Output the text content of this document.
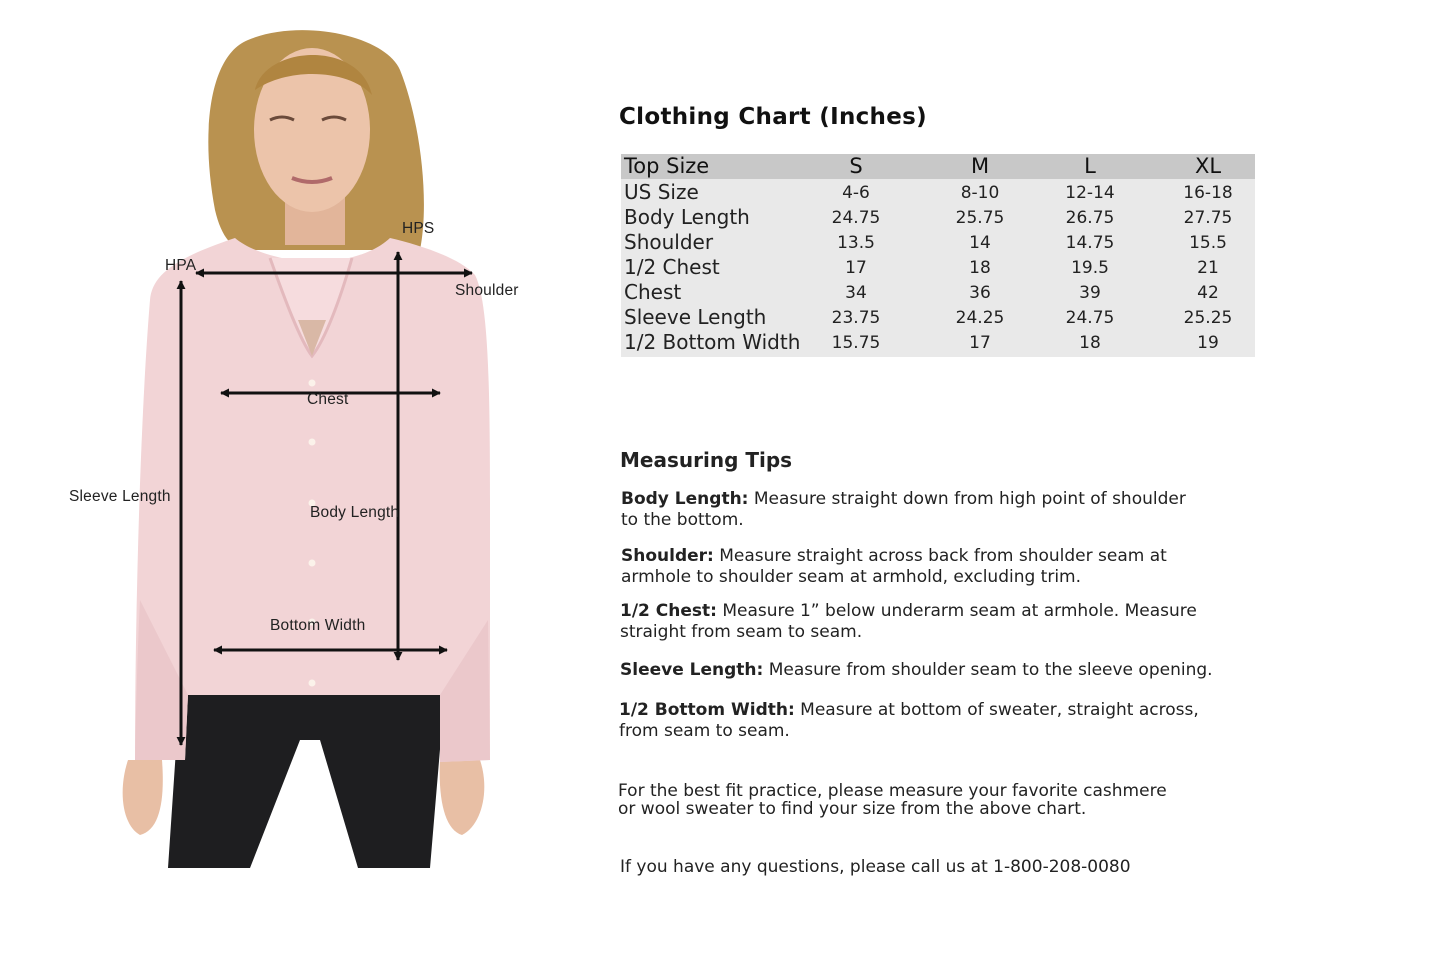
HPS
HPA
Shoulder
Chest
Sleeve Length
Body Length
Bottom Width
Clothing Chart (Inches)
Top Size	S	M	L	XL
US Size	4-6	8-10	12-14	16-18
Body Length	24.75	25.75	26.75	27.75
Shoulder	13.5	14	14.75	15.5
1/2 Chest	17	18	19.5	21
Chest	34	36	39	42
Sleeve Length	23.75	24.25	24.75	25.25
1/2 Bottom Width	15.75	17	18	19
Measuring Tips

Body Length: Measure straight down from high point of shoulder
to the bottom.

Shoulder: Measure straight across back from shoulder seam at
armhole to shoulder seam at armhold, excluding trim.

1/2 Chest: Measure 1” below underarm seam at armhole. Measure
straight from seam to seam.

Sleeve Length: Measure from shoulder seam to the sleeve opening.

1/2 Bottom Width: Measure at bottom of sweater, straight across,
from seam to seam.

For the best fit practice, please measure your favorite cashmere
or wool sweater to find your size from the above chart.

If you have any questions, please call us at 1-800-208-0080
